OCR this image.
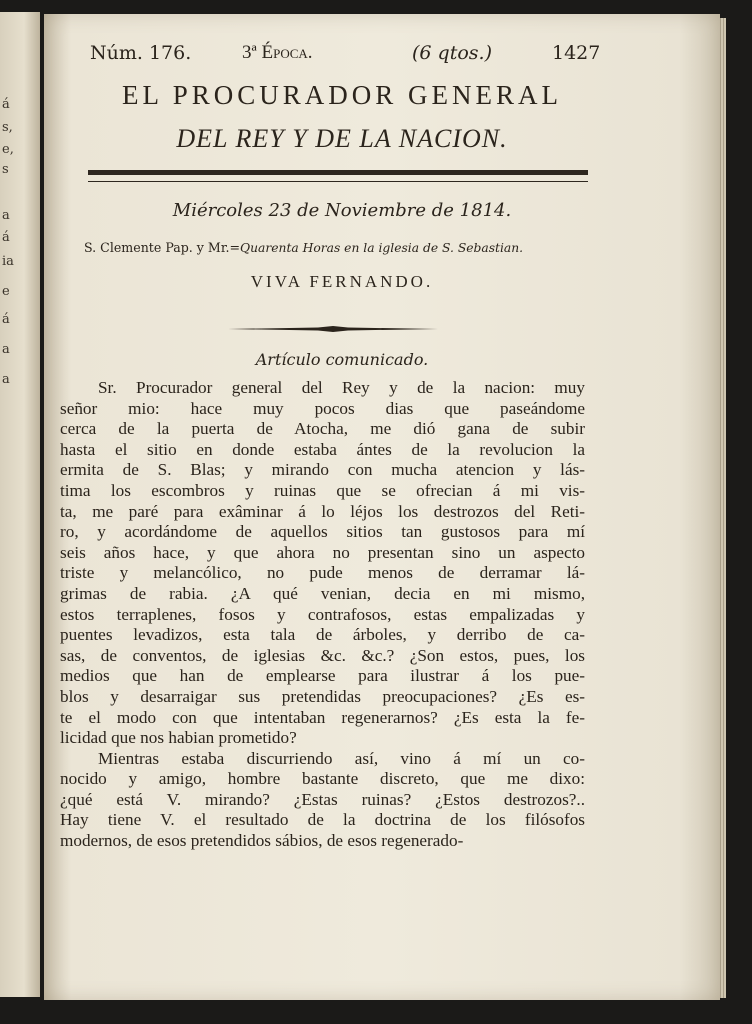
á
s,
e,
s
a
á
ia
e
á
a
a
Núm. 176.	3ª Época.	(6 qtos.)	1427
EL PROCURADOR GENERAL
DEL REY Y DE LA NACION.
Miércoles 23 de Noviembre de 1814.
S. Clemente Pap. y Mr.=Quarenta Horas en la iglesia de S. Sebastian.
VIVA FERNANDO.
Artículo comunicado.
Sr. Procurador general del Rey y de la nacion: muy
señor mio: hace muy pocos dias que paseándome
cerca de la puerta de Atocha, me dió gana de subir
hasta el sitio en donde estaba ántes de la revolucion la
ermita de S. Blas; y mirando con mucha atencion y lás-
tima los escombros y ruinas que se ofrecian á mi vis-
ta, me paré para exâminar á lo léjos los destrozos del Reti-
ro, y acordándome de aquellos sitios tan gustosos para mí
seis años hace, y que ahora no presentan sino un aspecto
triste y melancólico, no pude menos de derramar lá-
grimas de rabia. ¿A qué venian, decia en mi mismo,
estos terraplenes, fosos y contrafosos, estas empalizadas y
puentes levadizos, esta tala de árboles, y derribo de ca-
sas, de conventos, de iglesias &c. &c.? ¿Son estos, pues, los
medios que han de emplearse para ilustrar á los pue-
blos y desarraigar sus pretendidas preocupaciones? ¿Es es-
te el modo con que intentaban regenerarnos? ¿Es esta la fe-
licidad que nos habian prometido?
Mientras estaba discurriendo así, vino á mí un co-
nocido y amigo, hombre bastante discreto, que me dixo:
¿qué está V. mirando? ¿Estas ruinas? ¿Estos destrozos?..
Hay tiene V. el resultado de la doctrina de los filósofos
modernos, de esos pretendidos sábios, de esos regenerado-
